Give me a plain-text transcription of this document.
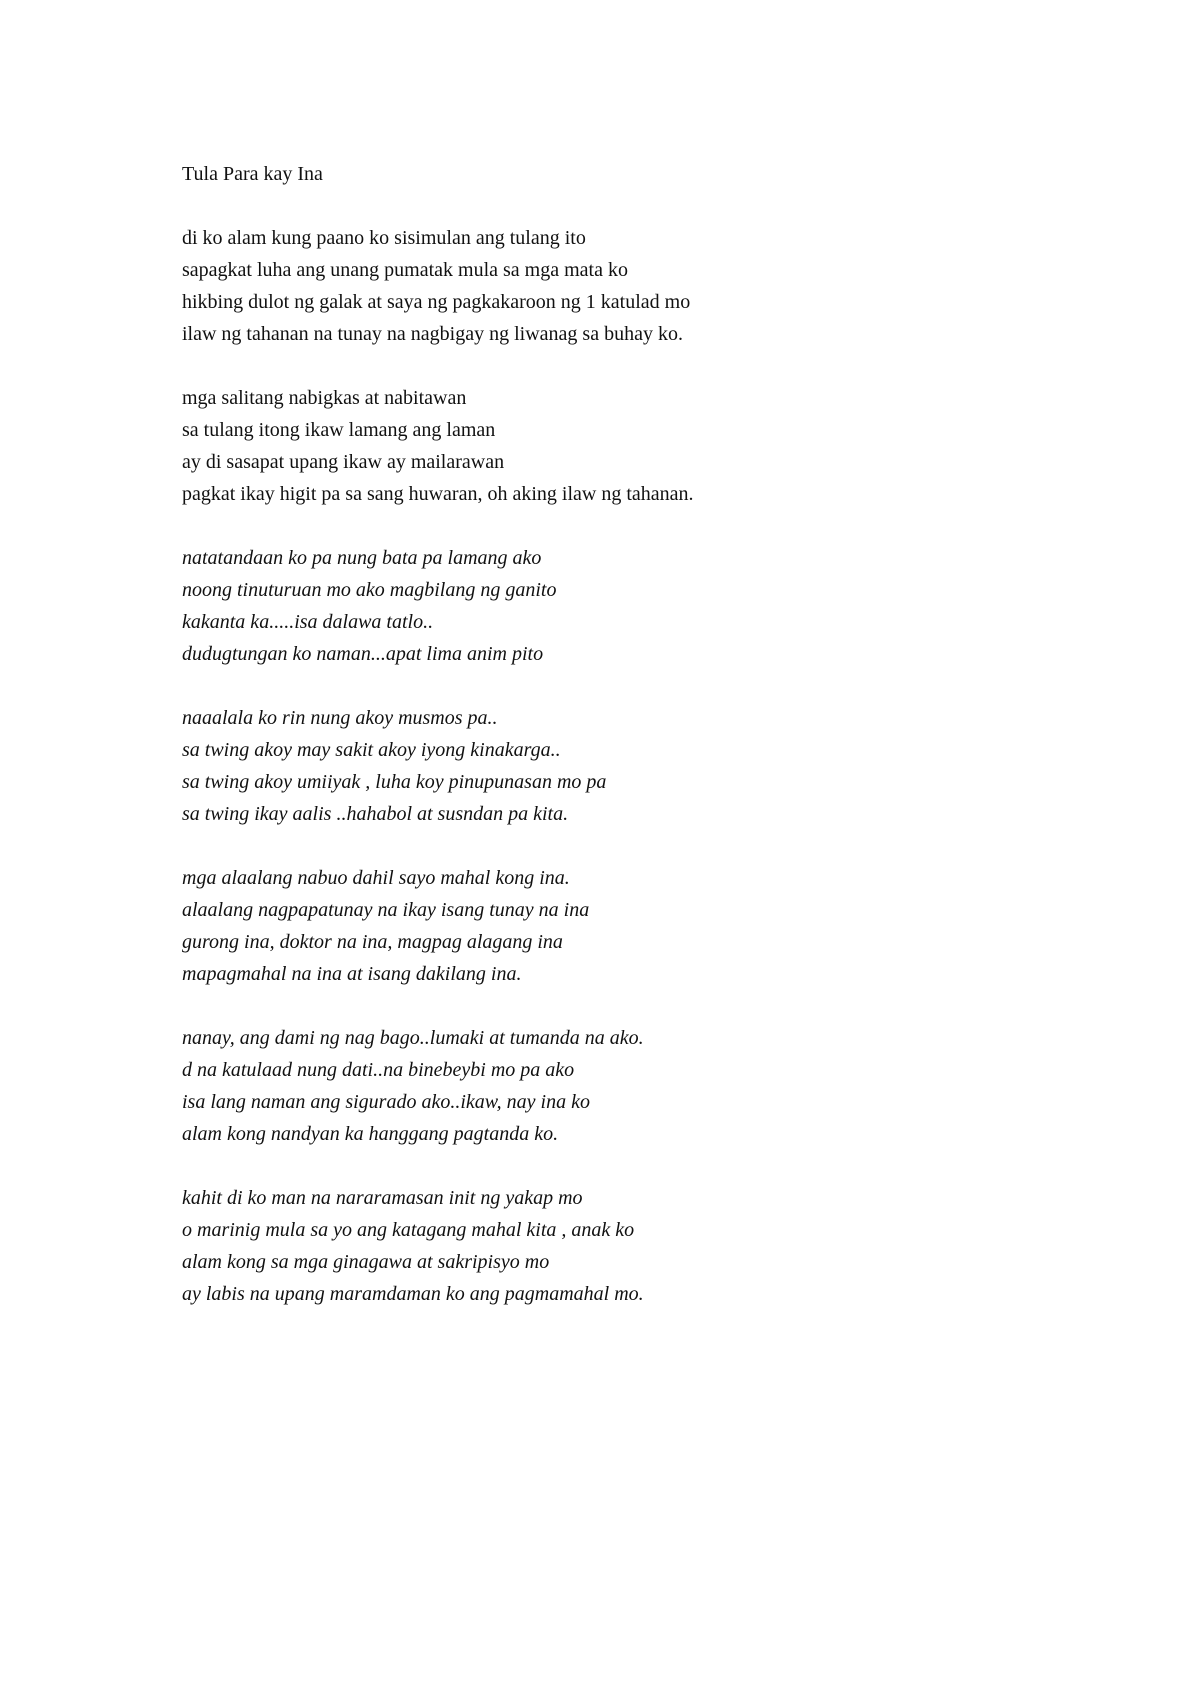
Tula Para kay Ina
di ko alam kung paano ko sisimulan ang tulang ito
sapagkat luha ang unang pumatak mula sa mga mata ko
hikbing dulot ng galak at saya ng pagkakaroon ng 1 katulad mo
ilaw ng tahanan na tunay na nagbigay ng liwanag sa buhay ko.
mga salitang nabigkas at nabitawan
sa tulang itong ikaw lamang ang laman
ay di sasapat upang ikaw ay mailarawan
pagkat ikay higit pa sa sang huwaran, oh aking ilaw ng tahanan.
natatandaan ko pa nung bata pa lamang ako
noong tinuturuan mo ako magbilang ng ganito
kakanta ka.....isa dalawa tatlo..
dudugtungan ko naman...apat lima anim pito
naaalala ko rin nung akoy musmos pa..
sa twing akoy may sakit akoy iyong kinakarga..
sa twing akoy umiiyak , luha koy pinupunasan mo pa
sa twing ikay aalis ..hahabol at susndan pa kita.
mga alaalang nabuo dahil sayo mahal kong ina.
alaalang nagpapatunay na ikay isang tunay na ina
gurong ina, doktor na ina, magpag alagang ina
mapagmahal na ina at isang dakilang ina.
nanay, ang dami ng nag bago..lumaki at tumanda na ako.
d na katulaad nung dati..na binebeybi mo pa ako
isa lang naman ang sigurado ako..ikaw, nay ina ko
alam kong nandyan ka hanggang pagtanda ko.
kahit di ko man na nararamasan init ng yakap mo
o marinig mula sa yo ang katagang mahal kita , anak ko
alam kong sa mga ginagawa at sakripisyo mo
ay labis na upang maramdaman ko ang pagmamahal mo.
